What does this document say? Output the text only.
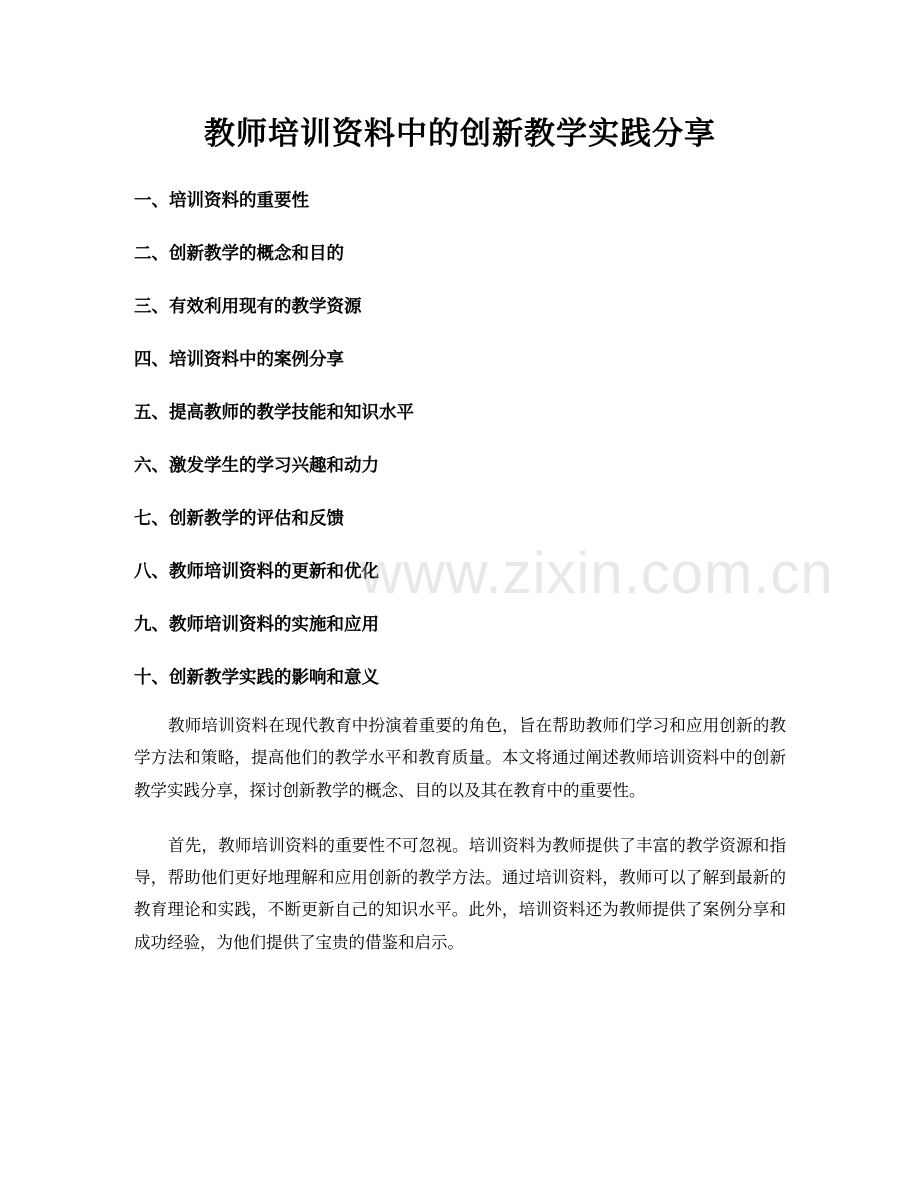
教师培训资料中的创新教学实践分享
一、培训资料的重要性
二、创新教学的概念和目的
三、有效利用现有的教学资源
四、培训资料中的案例分享
五、提高教师的教学技能和知识水平
六、激发学生的学习兴趣和动力
七、创新教学的评估和反馈
八、教师培训资料的更新和优化
九、教师培训资料的实施和应用
十、创新教学实践的影响和意义

教师培训资料在现代教育中扮演着重要的角色，旨在帮助教师们学习和应用创新的教学方法和策略，提高他们的教学水平和教育质量。本文将通过阐述教师培训资料中的创新教学实践分享，探讨创新教学的概念、目的以及其在教育中的重要性。

首先，教师培训资料的重要性不可忽视。培训资料为教师提供了丰富的教学资源和指导，帮助他们更好地理解和应用创新的教学方法。通过培训资料，教师可以了解到最新的教育理论和实践，不断更新自己的知识水平。此外，培训资料还为教师提供了案例分享和成功经验，为他们提供了宝贵的借鉴和启示。

www.zixin.com.cn
